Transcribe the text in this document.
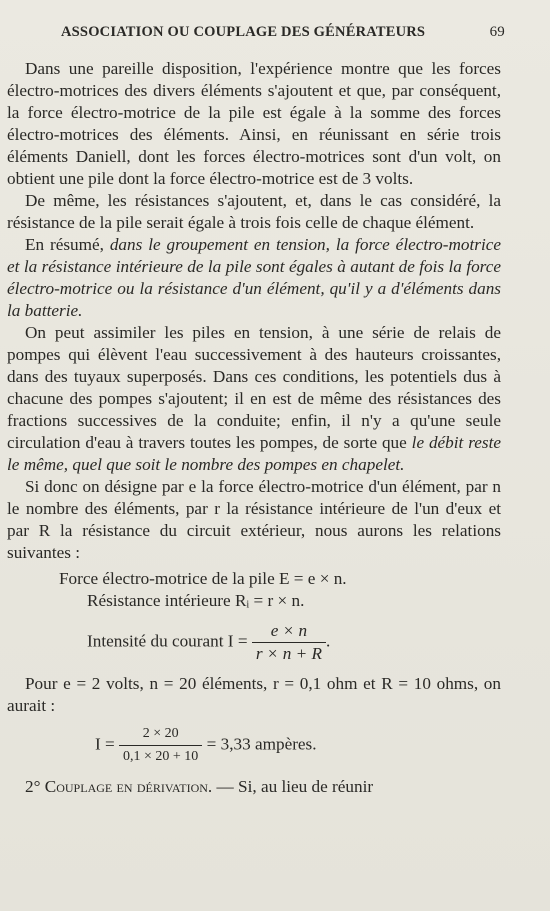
ASSOCIATION OU COUPLAGE DES GÉNÉRATEURS	69

Dans une pareille disposition, l'expérience montre que les forces électro-motrices des divers éléments s'ajoutent et que, par conséquent, la force électro-motrice de la pile est égale à la somme des forces électro-motrices des éléments. Ainsi, en réunissant en série trois éléments Daniell, dont les forces électro-motrices sont d'un volt, on obtient une pile dont la force électro-motrice est de 3 volts.

De même, les résistances s'ajoutent, et, dans le cas considéré, la résistance de la pile serait égale à trois fois celle de chaque élément.

En résumé, dans le groupement en tension, la force électro-motrice et la résistance intérieure de la pile sont égales à autant de fois la force électro-motrice ou la résistance d'un élément, qu'il y a d'éléments dans la batterie.

On peut assimiler les piles en tension, à une série de relais de pompes qui élèvent l'eau successivement à des hauteurs croissantes, dans des tuyaux superposés. Dans ces conditions, les potentiels dus à chacune des pompes s'ajoutent; il en est de même des résistances des fractions successives de la conduite; enfin, il n'y a qu'une seule circulation d'eau à travers toutes les pompes, de sorte que le débit reste le même, quel que soit le nombre des pompes en chapelet.

Si donc on désigne par e la force électro-motrice d'un élément, par n le nombre des éléments, par r la résistance intérieure de l'un d'eux et par R la résistance du circuit extérieur, nous aurons les relations suivantes :

Force électro-motrice de la pile E = e × n.

Résistance intérieure Rᵢ = r × n.

Intensité du courant $I = \frac{e \times n}{r \times n + R}$ .

Pour e = 2 volts, n = 20 éléments, r = 0,1 ohm et R = 10 ohms, on aurait :

$I = \frac{2 \times 20}{0,1 \times 20 + 10} = 3,33$ ampères.

2° Couplage en dérivation. — Si, au lieu de réunir
